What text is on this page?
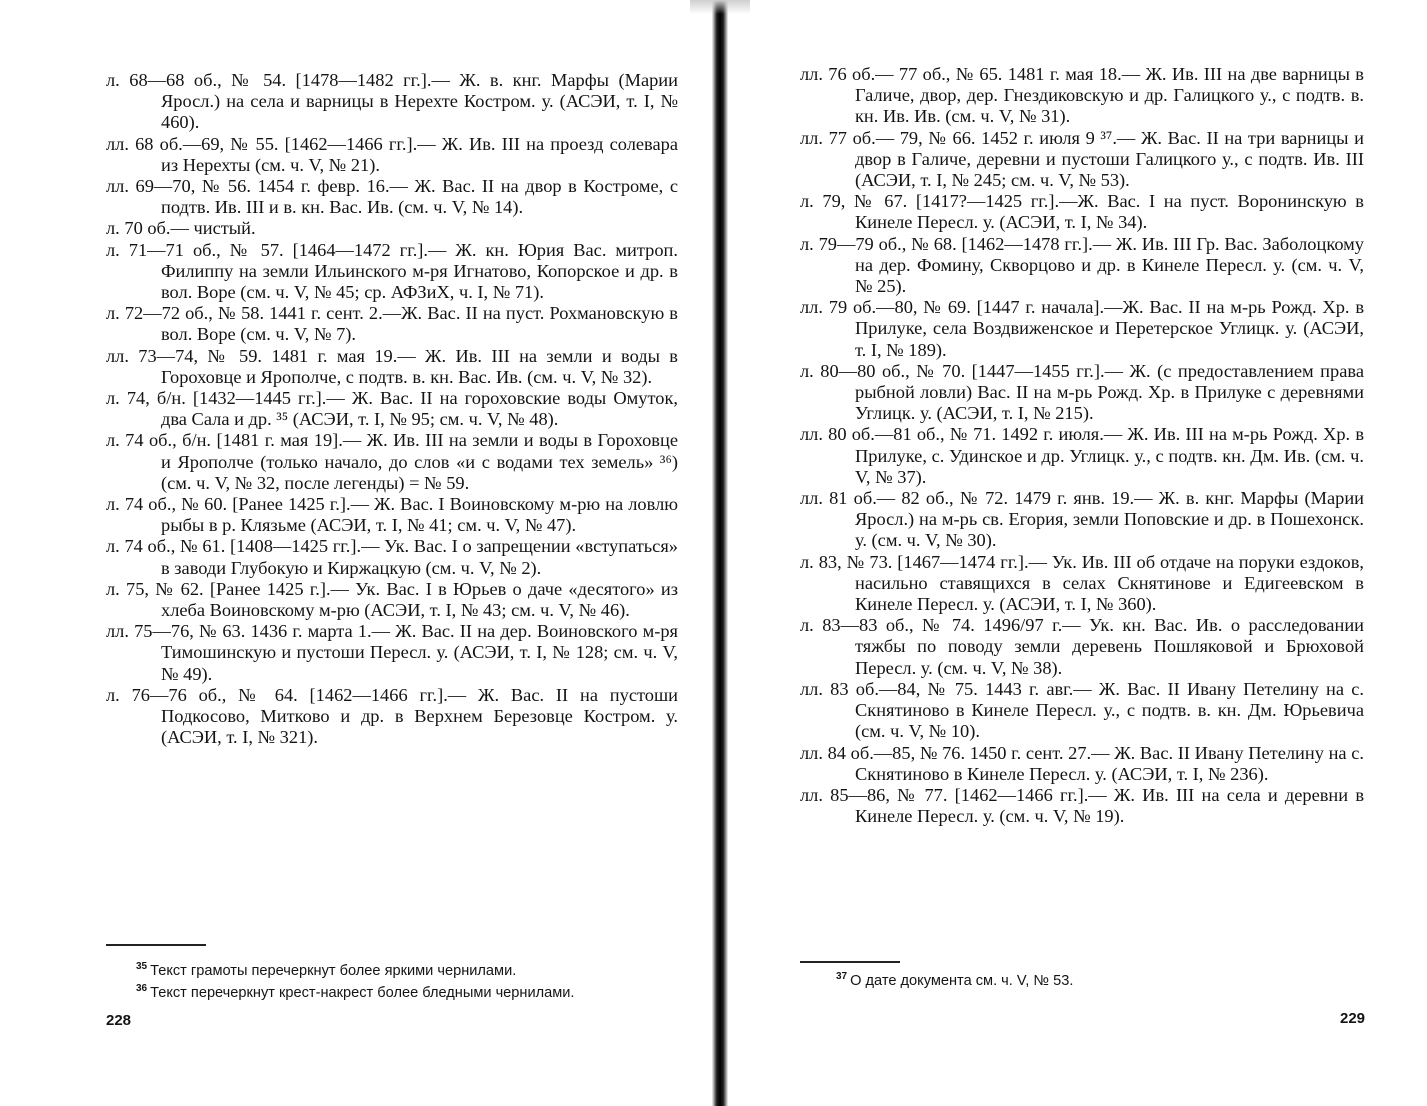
л. 68—68 об., № 54. [1478—1482 гг.].— Ж. в. кнг. Марфы (Марии Яросл.) на села и варницы в Нерехте Костром. у. (АСЭИ, т. I, № 460).
лл. 68 об.—69, № 55. [1462—1466 гг.].— Ж. Ив. III на проезд солевара из Нерехты (см. ч. V, № 21).
лл. 69—70, № 56. 1454 г. февр. 16.— Ж. Вас. II на двор в Костроме, с подтв. Ив. III и в. кн. Вас. Ив. (см. ч. V, № 14).
л. 70 об.— чистый.
л. 71—71 об., № 57. [1464—1472 гг.].— Ж. кн. Юрия Вас. митроп. Филиппу на земли Ильинского м-ря Игнатово, Копорское и др. в вол. Воре (см. ч. V, № 45; ср. АФЗиХ, ч. I, № 71).
л. 72—72 об., № 58. 1441 г. сент. 2.—Ж. Вас. II на пуст. Рохмановскую в вол. Воре (см. ч. V, № 7).
лл. 73—74, № 59. 1481 г. мая 19.— Ж. Ив. III на земли и воды в Гороховце и Ярополче, с подтв. в. кн. Вас. Ив. (см. ч. V, № 32).
л. 74, б/н. [1432—1445 гг.].— Ж. Вас. II на гороховские воды Омуток, два Сала и др. ³⁵ (АСЭИ, т. I, № 95; см. ч. V, № 48).
л. 74 об., б/н. [1481 г. мая 19].— Ж. Ив. III на земли и воды в Гороховце и Ярополче (только начало, до слов «и с водами тех земель» ³⁶) (см. ч. V, № 32, после легенды) = № 59.
л. 74 об., № 60. [Ранее 1425 г.].— Ж. Вас. I Воиновскому м-рю на ловлю рыбы в р. Клязьме (АСЭИ, т. I, № 41; см. ч. V, № 47).
л. 74 об., № 61. [1408—1425 гг.].— Ук. Вас. I о запрещении «вступаться» в заводи Глубокую и Киржацкую (см. ч. V, № 2).
л. 75, № 62. [Ранее 1425 г.].— Ук. Вас. I в Юрьев о даче «десятого» из хлеба Воиновскому м-рю (АСЭИ, т. I, № 43; см. ч. V, № 46).
лл. 75—76, № 63. 1436 г. марта 1.— Ж. Вас. II на дер. Воиновского м-ря Тимошинскую и пустоши Пересл. у. (АСЭИ, т. I, № 128; см. ч. V, № 49).
л. 76—76 об., № 64. [1462—1466 гг.].— Ж. Вас. II на пустоши Подкосово, Митково и др. в Верхнем Березовце Костром. у. (АСЭИ, т. I, № 321).
$^{35}$ Текст грамоты перечеркнут более яркими чернилами.
$^{36}$ Текст перечеркнут крест-накрест более бледными чернилами.
228
лл. 76 об.— 77 об., № 65. 1481 г. мая 18.— Ж. Ив. III на две варницы в Галиче, двор, дер. Гнездиковскую и др. Галицкого у., с подтв. в. кн. Ив. Ив. (см. ч. V, № 31).
лл. 77 об.— 79, № 66. 1452 г. июля 9 ³⁷.— Ж. Вас. II на три варницы и двор в Галиче, деревни и пустоши Галицкого у., с подтв. Ив. III (АСЭИ, т. I, № 245; см. ч. V, № 53).
л. 79, № 67. [1417?—1425 гг.].—Ж. Вас. I на пуст. Воронинскую в Кинеле Пересл. у. (АСЭИ, т. I, № 34).
л. 79—79 об., № 68. [1462—1478 гг.].— Ж. Ив. III Гр. Вас. Заболоцкому на дер. Фомину, Скворцово и др. в Кинеле Пересл. у. (см. ч. V, № 25).
лл. 79 об.—80, № 69. [1447 г. начала].—Ж. Вас. II на м-рь Рожд. Хр. в Прилуке, села Воздвиженское и Перетерское Углицк. у. (АСЭИ, т. I, № 189).
л. 80—80 об., № 70. [1447—1455 гг.].— Ж. (с предоставлением права рыбной ловли) Вас. II на м-рь Рожд. Хр. в Прилуке с деревнями Углицк. у. (АСЭИ, т. I, № 215).
лл. 80 об.—81 об., № 71. 1492 г. июля.— Ж. Ив. III на м-рь Рожд. Хр. в Прилуке, с. Удинское и др. Углицк. у., с подтв. кн. Дм. Ив. (см. ч. V, № 37).
лл. 81 об.— 82 об., № 72. 1479 г. янв. 19.— Ж. в. кнг. Марфы (Марии Яросл.) на м-рь св. Егория, земли Поповские и др. в Пошехонск. у. (см. ч. V, № 30).
л. 83, № 73. [1467—1474 гг.].— Ук. Ив. III об отдаче на поруки ездоков, насильно ставящихся в селах Скнятинове и Едигеевском в Кинеле Пересл. у. (АСЭИ, т. I, № 360).
л. 83—83 об., № 74. 1496/97 г.— Ук. кн. Вас. Ив. о расследовании тяжбы по поводу земли деревень Пошляковой и Брюховой Пересл. у. (см. ч. V, № 38).
лл. 83 об.—84, № 75. 1443 г. авг.— Ж. Вас. II Ивану Петелину на с. Скнятиново в Кинеле Пересл. у., с подтв. в. кн. Дм. Юрьевича (см. ч. V, № 10).
лл. 84 об.—85, № 76. 1450 г. сент. 27.— Ж. Вас. II Ивану Петелину на с. Скнятиново в Кинеле Пересл. у. (АСЭИ, т. I, № 236).
лл. 85—86, № 77. [1462—1466 гг.].— Ж. Ив. III на села и деревни в Кинеле Пересл. у. (см. ч. V, № 19).
$^{37}$ О дате документа см. ч. V, № 53.
229
